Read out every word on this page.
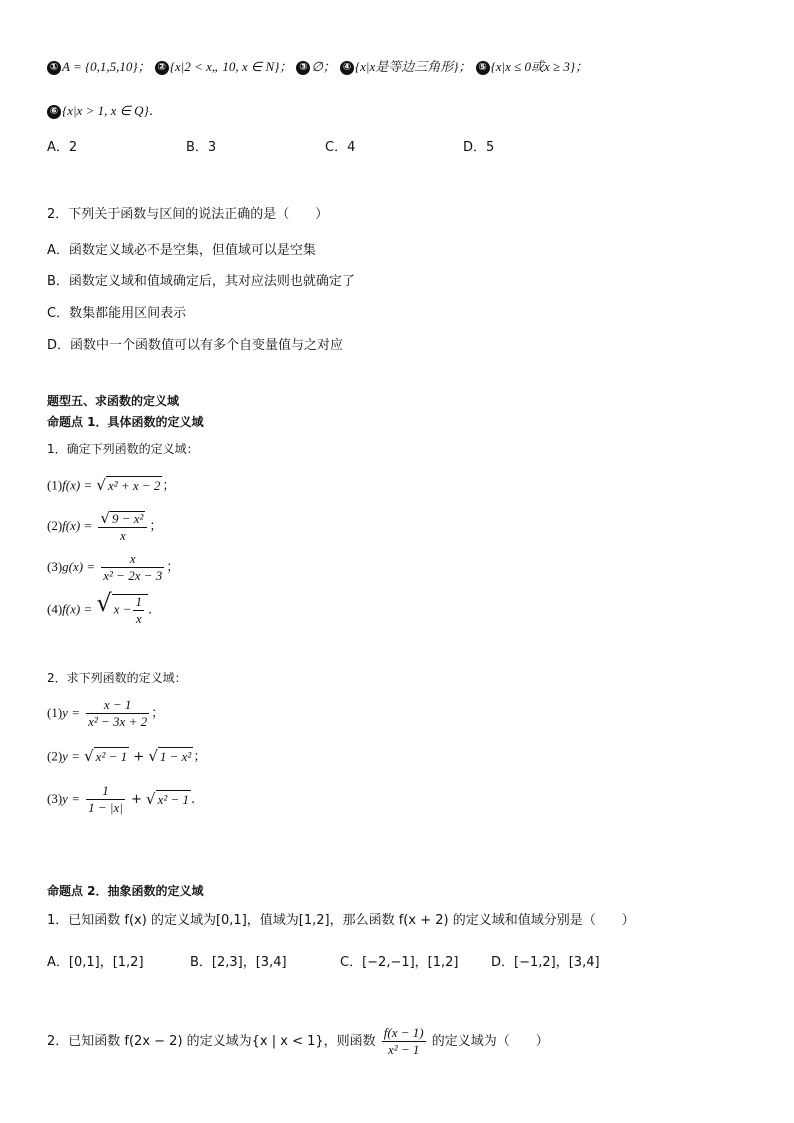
① A = {0,1,5,10}； ② {x|2 < x„ 10, x ∈ N}； ③ ∅； ④ {x|x是等边三角形}； ⑤ {x|x ≤ 0或x ≥ 3}；
⑥ {x|x > 1, x ∈ Q}．
A．2	B．3	C．4	D．5
2．下列关于函数与区间的说法正确的是（　　）
A．函数定义域必不是空集，但值域可以是空集
B．函数定义域和值域确定后，其对应法则也就确定了
C．数集都能用区间表示
D．函数中一个函数值可以有多个自变量值与之对应
题型五、求函数的定义域
命题点 1．具体函数的定义域
1．确定下列函数的定义域：
(1)f(x) = √ x² + x − 2 ；
$(2)f(x) = \frac{\text{√ 9 − x²}}{x}$ ；
$(3)g(x) = \frac{x}{\text{x² − 2x − 3}}$ ；
(4)f(x) = √ $x - \frac{1}{x}$ .
2．求下列函数的定义域：
$(1)y = \frac{x - 1}{\text{x² − 3x + 2}}$ ；
(2)y = √ x² − 1 + √ 1 − x² ；
$(3)y = \frac{1}{1 - |x|}$ + √ x² − 1 .
命题点 2．抽象函数的定义域
1．已知函数 f(x) 的定义域为[0,1]，值域为[1,2]，那么函数 f(x + 2) 的定义域和值域分别是（　　）
A．[0,1]，[1,2]	B．[2,3]，[3,4]	C．[−2,−1]，[1,2]	D．[−1,2]，[3,4]
2．已知函数 f(2x − 2) 的定义域为{x | x < 1}，则函数 $\frac{f(x - 1)}{\text{x² − 1}}$ 的定义域为（　　）
